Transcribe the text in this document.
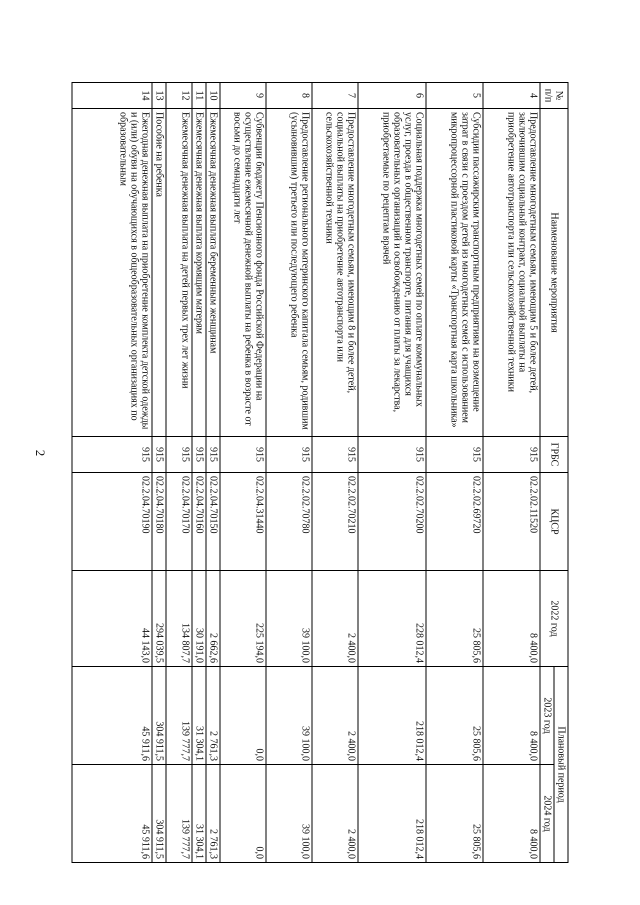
2
№ п/п	Наименование мероприятия	ГРБС	КЦСР	2022 год	Плановый период	
					2023 год	2024 год
4	Предоставление многодетным семьям, имеющим 5 и более детей, заключившим социальный контракт, социальной выплаты на приобретение автотранспорта или сельскохозяйственной техники	915	02.2.02.11520	8 400,0	8 400,0	8 400,0
5	Субсидии пассажирским транспортным предприятиям на возмещение затрат в связи с проездом детей из многодетных семей с использованием микропроцессорной пластиковой карты «Транспортная карта школьника»	915	02.2.02.69720	25 805,6	25 805,6	25 805,6
6	Социальная поддержка многодетных семей по оплате коммунальных услуг, проезда в общественном транспорте, питания для учащихся образовательных организаций и освобождению от платы за лекарства, приобретаемые по рецептам врачей	915	02.2.02.70200	228 012,4	218 012,4	218 012,4
7	Предоставление многодетным семьям, имеющим 8 и более детей, социальной выплаты на приобретение автотранспорта или сельскохозяйственной техники	915	02.2.02.70210	2 400,0	2 400,0	2 400,0
8	Предоставление регионального материнского капитала семьям, родившим (усыновившим) третьего или последующего ребенка	915	02.2.02.70780	39 100,0	39 100,0	39 100,0
9	Субвенции бюджету Пенсионного фонда Российской Федерации на осуществление ежемесячной денежной выплаты на ребенка в возрасте от восьми до семнадцати лет	915	02.2.04.31440	225 194,0	0,0	0,0
10	Ежемесячная денежная выплата беременным женщинам	915	02.2.04.70150	2 662,6	2 761,3	2 761,3
11	Ежемесячная денежная выплата кормящим матерям	915	02.2.04.70160	30 191,0	31 304,1	31 304,1
12	Ежемесячная денежная выплата на детей первых трех лет жизни	915	02.2.04.70170	134 807,7	139 777,7	139 777,7
13	Пособие на ребенка	915	02.2.04.70180	294 039,5	304 911,5	304 911,5
14	Ежегодная денежная выплата на приобретение комплекта детской одежды и (или) обуви на обучающихся в общеобразовательных организациях по образовательным	915	02.2.04.70190	44 143,0	45 911,6	45 911,6
